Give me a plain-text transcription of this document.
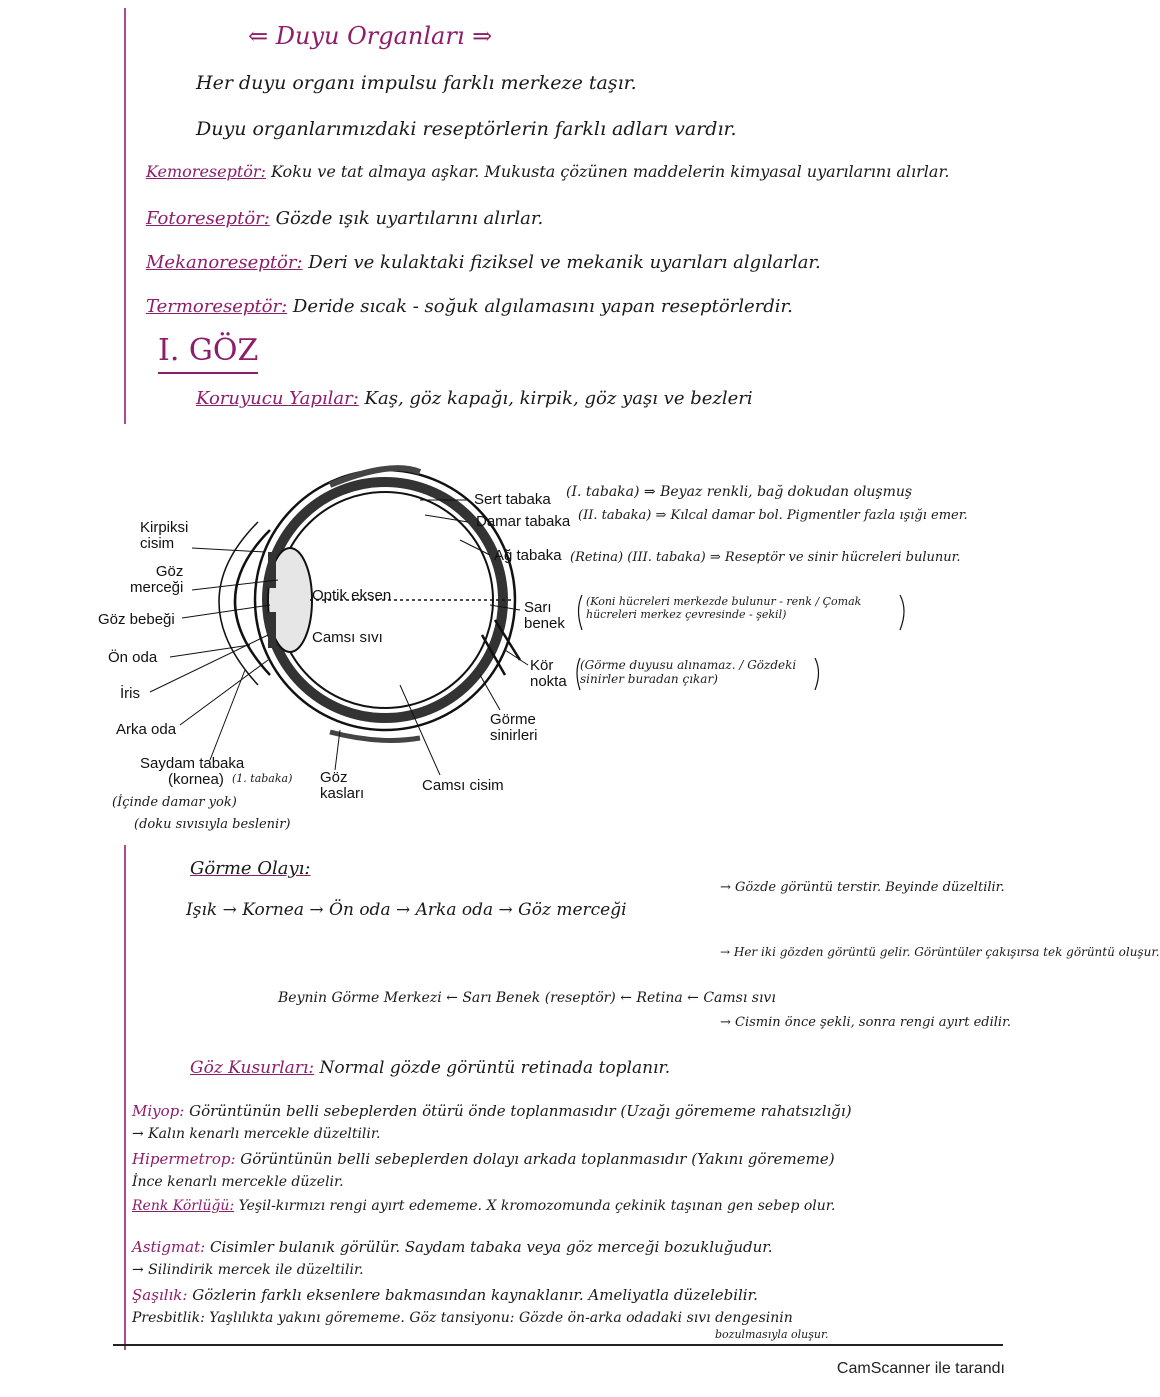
⇐ Duyu Organları ⇒
Her duyu organı impulsu farklı merkeze taşır.
Duyu organlarımızdaki reseptörlerin farklı adları vardır.
Kemoreseptör: Koku ve tat almaya aşkar. Mukusta çözünen maddelerin kimyasal uyarılarını alırlar.
Fotoreseptör: Gözde ışık uyartılarını alırlar.
Mekanoreseptör: Deri ve kulaktaki fiziksel ve mekanik uyarıları algılarlar.
Termoreseptör: Deride sıcak - soğuk algılamasını yapan reseptörlerdir.
I. GÖZ
Koruyucu Yapılar: Kaş, göz kapağı, kirpik, göz yaşı ve bezleri
Kirpiksi
cisim
Göz
merceği
Göz bebeği
Ön oda
İris
Arka oda
Saydam tabaka
(kornea)
Optik eksen
Camsı sıvı
Sarı
benek
Kör
nokta
Görme
sinirleri
Göz
kasları	Camsı cisim
Sert tabaka
Damar tabaka
Ağ tabaka
(I. tabaka) ⇒ Beyaz renkli, bağ dokudan oluşmuş
(II. tabaka) ⇒ Kılcal damar bol. Pigmentler fazla ışığı emer.
(Retina) (III. tabaka) ⇒ Reseptör ve sinir hücreleri bulunur.
(Koni hücreleri merkezde bulunur - renk / Çomak hücreleri merkez çevresinde - şekil)
(Görme duyusu alınamaz. / Gözdeki sinirler buradan çıkar)
(1. tabaka)
(İçinde damar yok)
(doku sıvısıyla beslenir)
Görme Olayı:
Işık → Kornea → Ön oda → Arka oda → Göz merceği
Beynin Görme Merkezi ← Sarı Benek (reseptör) ← Retina ← Camsı sıvı
→ Gözde görüntü terstir. Beyinde düzeltilir.
→ Her iki gözden görüntü gelir. Görüntüler çakışırsa tek görüntü oluşur.
→ Cismin önce şekli, sonra rengi ayırt edilir.
Göz Kusurları: Normal gözde görüntü retinada toplanır.
Miyop: Görüntünün belli sebeplerden ötürü önde toplanmasıdır (Uzağı görememe rahatsızlığı)
→ Kalın kenarlı mercekle düzeltilir.
Hipermetrop: Görüntünün belli sebeplerden dolayı arkada toplanmasıdır (Yakını görememe)
İnce kenarlı mercekle düzelir.
Renk Körlüğü: Yeşil-kırmızı rengi ayırt edememe. X kromozomunda çekinik taşınan gen sebep olur.
Astigmat: Cisimler bulanık görülür. Saydam tabaka veya göz merceği bozukluğudur.
→ Silindirik mercek ile düzeltilir.
Şaşılık: Gözlerin farklı eksenlere bakmasından kaynaklanır. Ameliyatla düzelebilir.
Presbitlik: Yaşlılıkta yakını görememe. Göz tansiyonu: Gözde ön-arka odadaki sıvı dengesinin
bozulmasıyla oluşur.
CamScanner ile tarandı
